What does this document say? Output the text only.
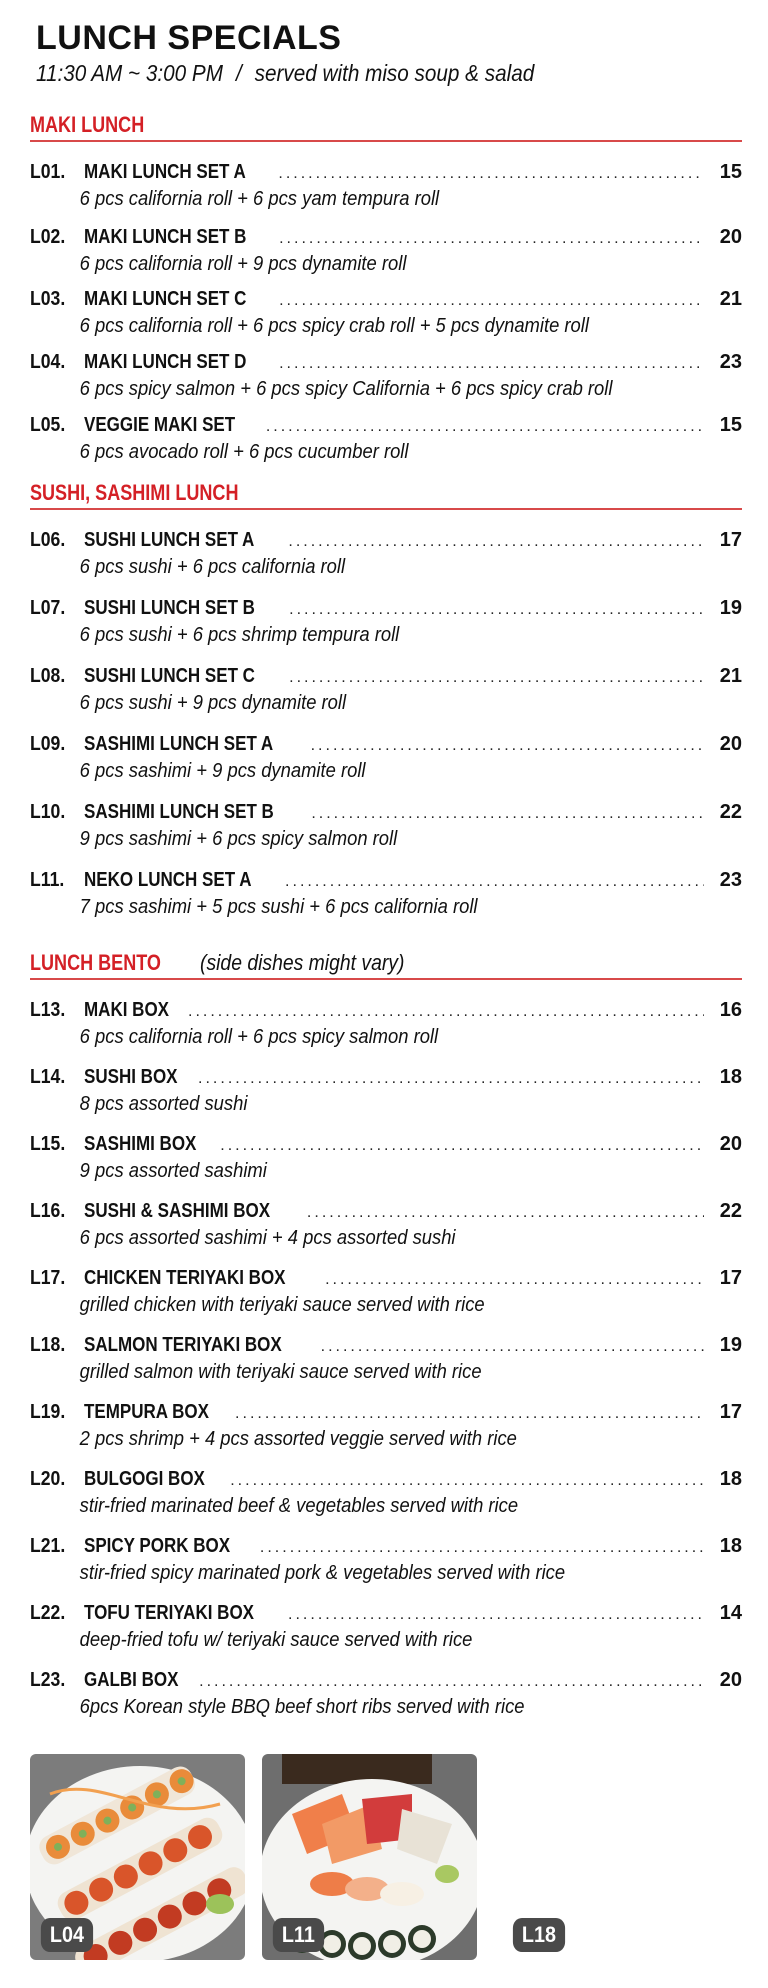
LUNCH SPECIALS
11:30 AM ~ 3:00 PM / served with miso soup & salad
MAKI LUNCH
L01. MAKI LUNCH SET A .....	15
6 pcs california roll + 6 pcs yam tempura roll
L02. MAKI LUNCH SET B .....	20
6 pcs california roll + 9 pcs dynamite roll
L03. MAKI LUNCH SET C .....	21
6 pcs california roll + 6 pcs spicy crab roll + 5 pcs dynamite roll
L04. MAKI LUNCH SET D .....	23
6 pcs spicy salmon + 6 pcs spicy California + 6 pcs spicy crab roll
L05. VEGGIE MAKI SET .....	15
6 pcs avocado roll + 6 pcs cucumber roll
SUSHI, SASHIMI LUNCH
L06. SUSHI LUNCH SET A .....	17
6 pcs sushi + 6 pcs california roll
L07. SUSHI LUNCH SET B .....	19
6 pcs sushi + 6 pcs shrimp tempura roll
L08. SUSHI LUNCH SET C .....	21
6 pcs sushi + 9 pcs dynamite roll
L09. SASHIMI LUNCH SET A .....	20
6 pcs sashimi + 9 pcs dynamite roll
L10. SASHIMI LUNCH SET B .....	22
9 pcs sashimi + 6 pcs spicy salmon roll
L11. NEKO LUNCH SET A .....	23
7 pcs sashimi + 5 pcs sushi + 6 pcs california roll
LUNCH BENTO (side dishes might vary)
L13. MAKI BOX .....	16
6 pcs california roll + 6 pcs spicy salmon roll
L14. SUSHI BOX .....	18
8 pcs assorted sushi
L15. SASHIMI BOX .....	20
9 pcs assorted sashimi
L16. SUSHI & SASHIMI BOX .....	22
6 pcs assorted sashimi + 4 pcs assorted sushi
L17. CHICKEN TERIYAKI BOX .....	17
grilled chicken with teriyaki sauce served with rice
L18. SALMON TERIYAKI BOX .....	19
grilled salmon with teriyaki sauce served with rice
L19. TEMPURA BOX .....	17
2 pcs shrimp + 4 pcs assorted veggie served with rice
L20. BULGOGI BOX .....	18
stir-fried marinated beef & vegetables served with rice
L21. SPICY PORK BOX .....	18
stir-fried spicy marinated pork & vegetables served with rice
L22. TOFU TERIYAKI BOX .....	14
deep-fried tofu w/ teriyaki sauce served with rice
L23. GALBI BOX .....	20
6pcs Korean style BBQ beef short ribs served with rice
L04	L11	L18
